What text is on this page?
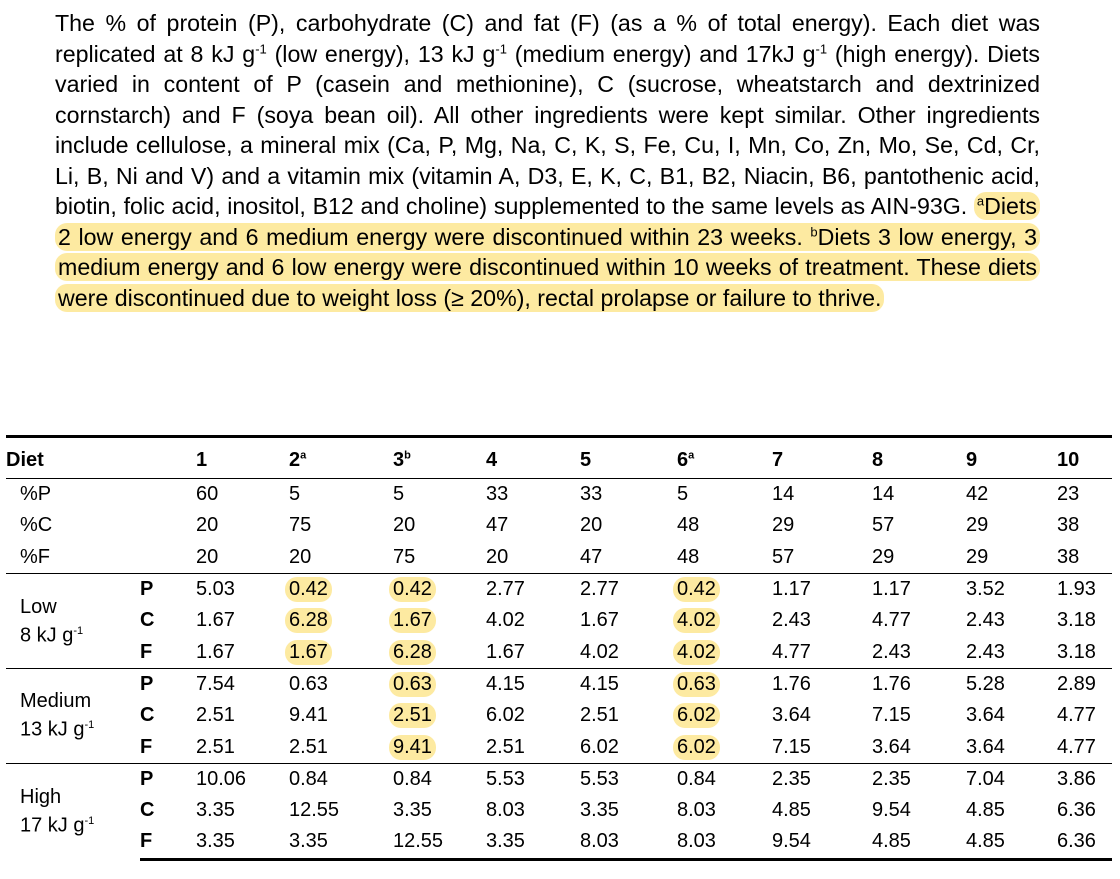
The % of protein (P), carbohydrate (C) and fat (F) (as a % of total energy). Each diet was replicated at 8 kJ $g^{-1}$ (low energy), 13 kJ $g^{-1}$ (medium energy) and 17kJ $g^{-1}$ (high energy). Diets varied in content of P (casein and methionine), C (sucrose, wheatstarch and dextrinized cornstarch) and F (soya bean oil). All other ingredients were kept similar. Other ingredients include cellulose, a mineral mix (Ca, P, Mg, Na, C, K, S, Fe, Cu, I, Mn, Co, Zn, Mo, Se, Cd, Cr, Li, B, Ni and V) and a vitamin mix (vitamin A, D3, E, K, C, B1, B2, Niacin, B6, pantothenic acid, biotin, folic acid, inositol, B12 and choline) supplemented to the same levels as AIN-93G. $^a$Diets 2 low energy and 6 medium energy were discontinued within 23 weeks. $^b$Diets 3 low energy, 3 medium energy and 6 low energy were discontinued within 10 weeks of treatment. These diets were discontinued due to weight loss (≥ 20%), rectal prolapse or failure to thrive.

Diet		1	2$^a$	3$^b$	4	5	6$^a$	7	8	9	10	
%P		60	5	5	33	33	5	14	14	42	23	
%C		20	75	20	47	20	48	29	57	29	38	
%F		20	20	75	20	47	48	57	29	29	38	

Low
8 kJ $g^{-1}$	P	5.03	0.42	0.42	2.77	2.77	0.42	1.17	1.17	3.52	1.93	
	C	1.67	6.28	1.67	4.02	1.67	4.02	2.43	4.77	2.43	3.18	
	F	1.67	1.67	6.28	1.67	4.02	4.02	4.77	2.43	2.43	3.18	

Medium
13 kJ $g^{-1}$	P	7.54	0.63	0.63	4.15	4.15	0.63	1.76	1.76	5.28	2.89	
	C	2.51	9.41	2.51	6.02	2.51	6.02	3.64	7.15	3.64	4.77	
	F	2.51	2.51	9.41	2.51	6.02	6.02	7.15	3.64	3.64	4.77	

High
17 kJ $g^{-1}$	P	10.06	0.84	0.84	5.53	5.53	0.84	2.35	2.35	7.04	3.86	
	C	3.35	12.55	3.35	8.03	3.35	8.03	4.85	9.54	4.85	6.36	
	F	3.35	3.35	12.55	3.35	8.03	8.03	9.54	4.85	4.85	6.36	
